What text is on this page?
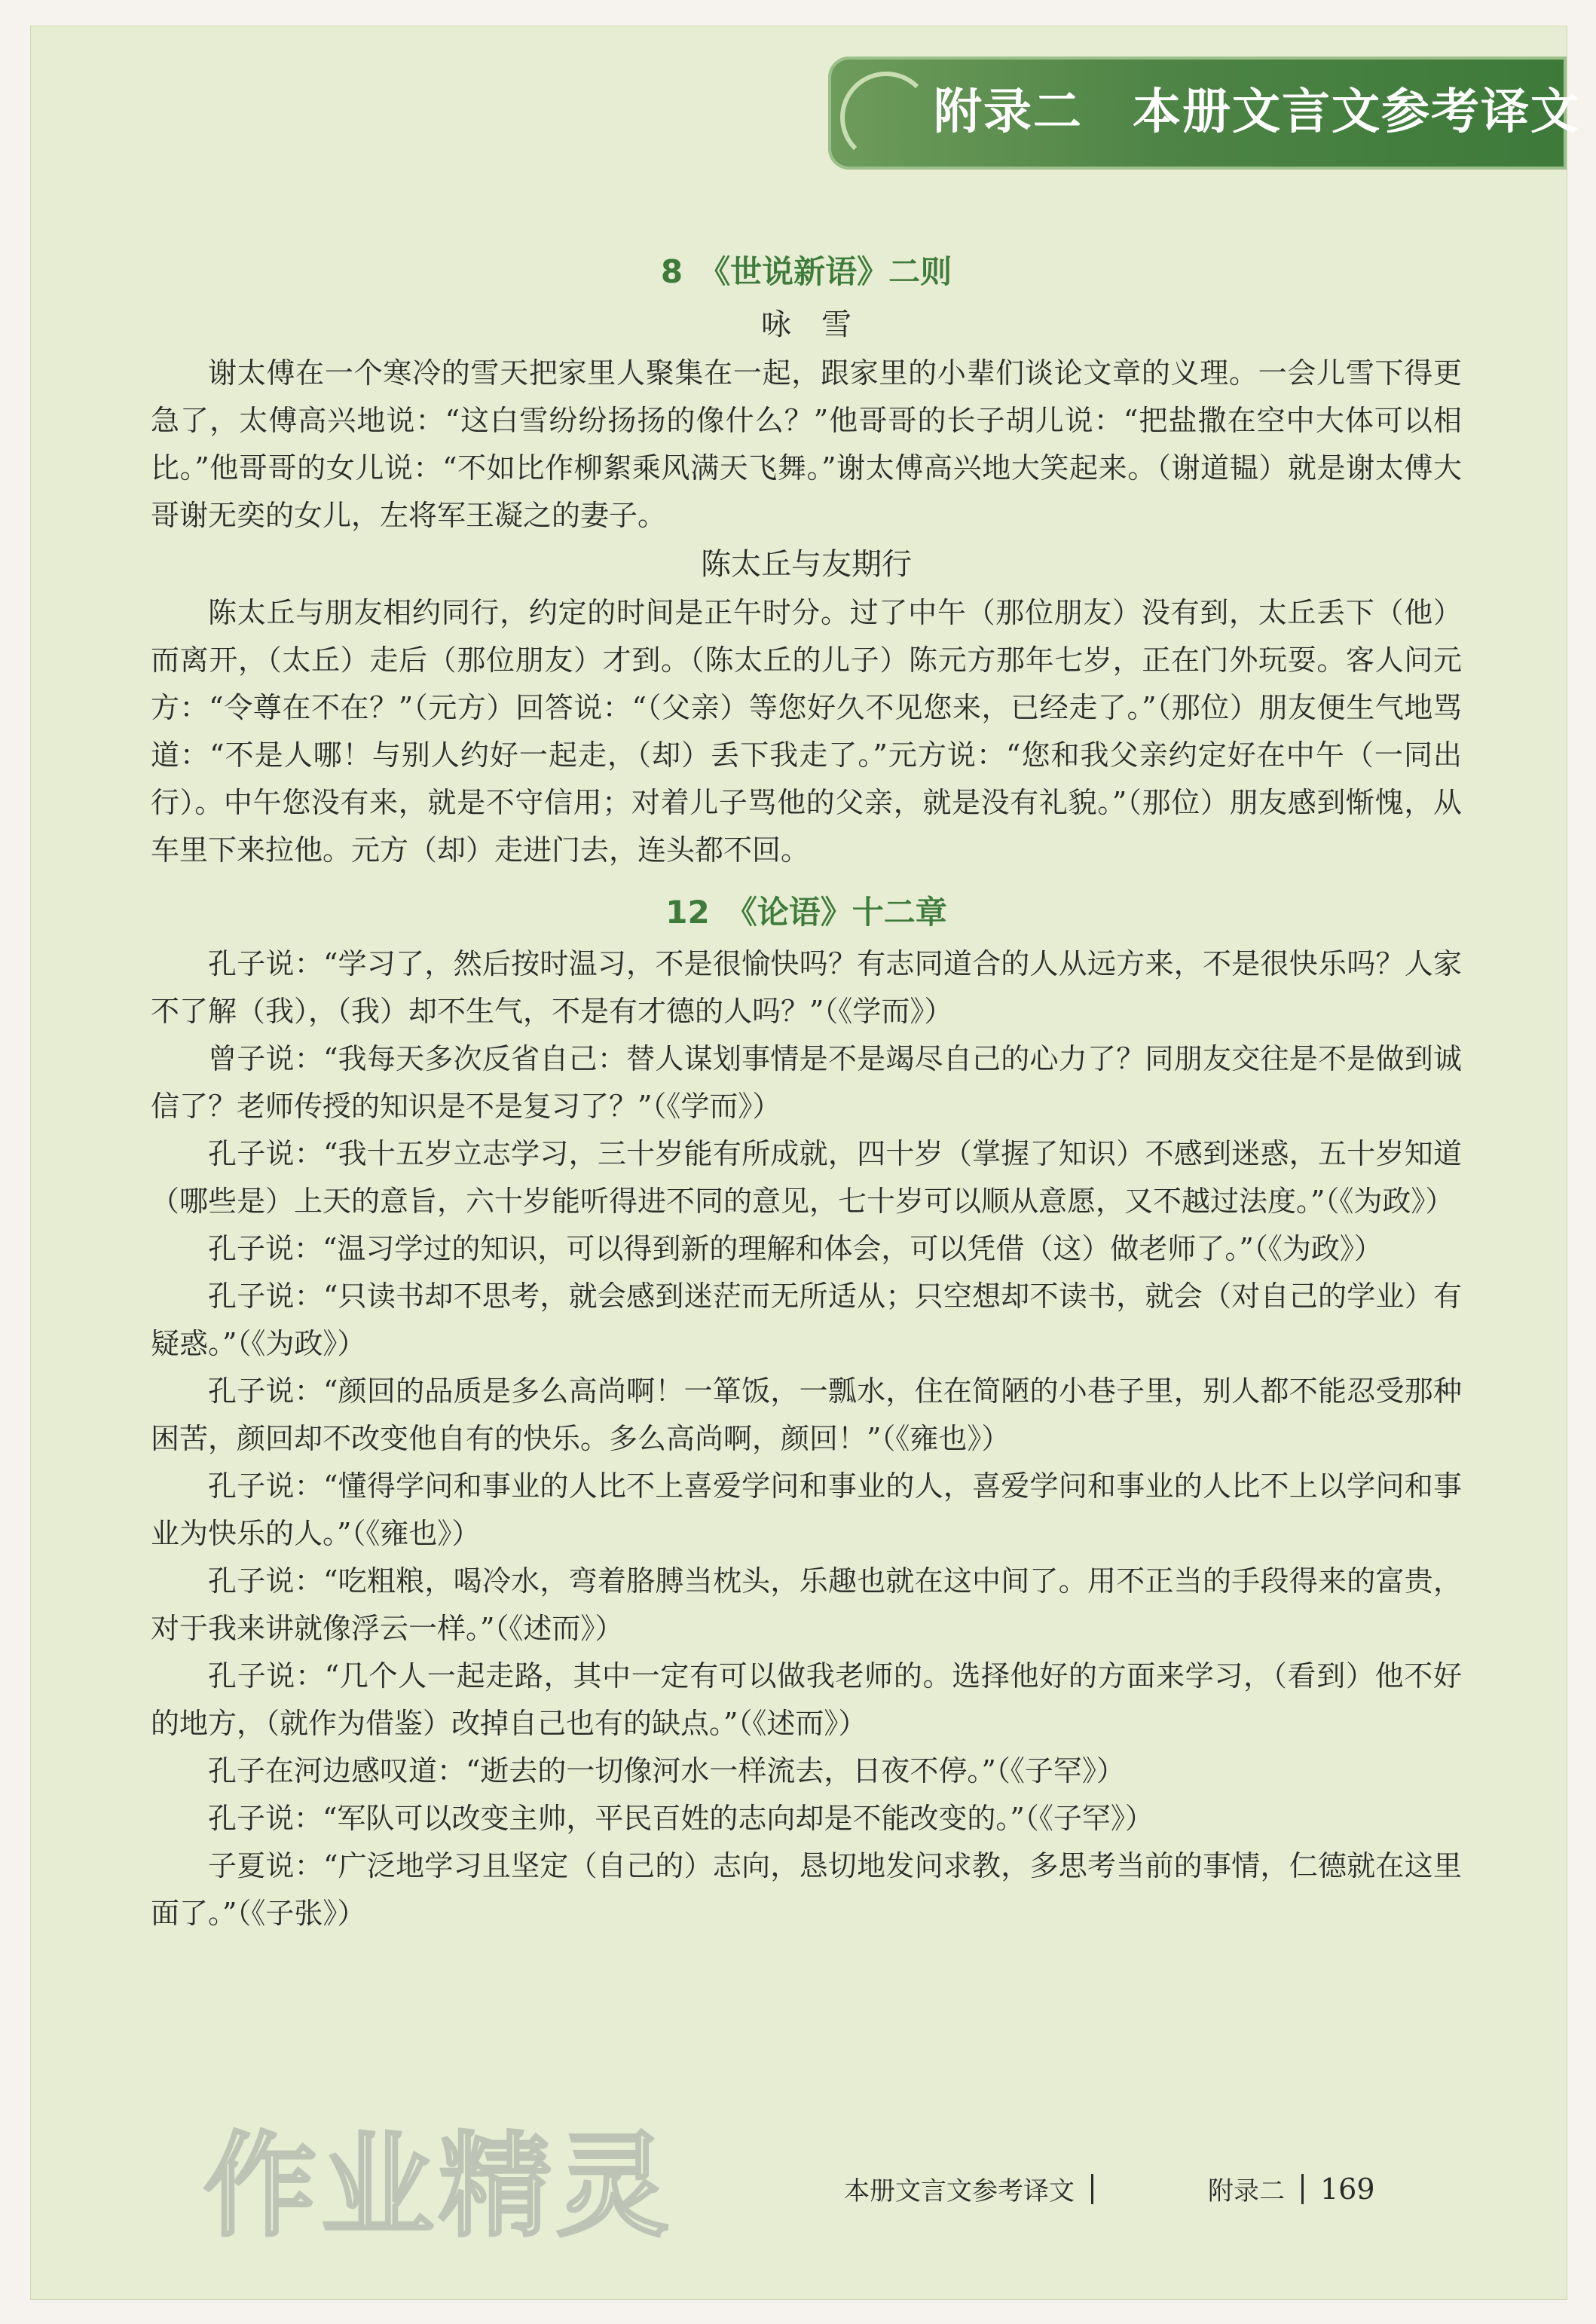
附录二　本册文言文参考译文
8　《世说新语》二则
咏　雪

谢太傅在一个寒冷的雪天把家里人聚集在一起，跟家里的小辈们谈论文章的义理。一会儿雪下得更急了，太傅高兴地说：“这白雪纷纷扬扬的像什么？”他哥哥的长子胡儿说：“把盐撒在空中大体可以相比。”他哥哥的女儿说：“不如比作柳絮乘风满天飞舞。”谢太傅高兴地大笑起来。（谢道韫）就是谢太傅大哥谢无奕的女儿，左将军王凝之的妻子。

陈太丘与友期行

陈太丘与朋友相约同行，约定的时间是正午时分。过了中午（那位朋友）没有到，太丘丢下（他）而离开，（太丘）走后（那位朋友）才到。（陈太丘的儿子）陈元方那年七岁，正在门外玩耍。客人问元方：“令尊在不在？”（元方）回答说：“（父亲）等您好久不见您来，已经走了。”（那位）朋友便生气地骂道：“不是人哪！与别人约好一起走，（却）丢下我走了。”元方说：“您和我父亲约定好在中午（一同出行）。中午您没有来，就是不守信用；对着儿子骂他的父亲，就是没有礼貌。”（那位）朋友感到惭愧，从车里下来拉他。元方（却）走进门去，连头都不回。

12　《论语》十二章

孔子说：“学习了，然后按时温习，不是很愉快吗？有志同道合的人从远方来，不是很快乐吗？人家不了解（我），（我）却不生气，不是有才德的人吗？”（《学而》）

曾子说：“我每天多次反省自己：替人谋划事情是不是竭尽自己的心力了？同朋友交往是不是做到诚信了？老师传授的知识是不是复习了？”（《学而》）

孔子说：“我十五岁立志学习，三十岁能有所成就，四十岁（掌握了知识）不感到迷惑，五十岁知道（哪些是）上天的意旨，六十岁能听得进不同的意见，七十岁可以顺从意愿，又不越过法度。”（《为政》）

孔子说：“温习学过的知识，可以得到新的理解和体会，可以凭借（这）做老师了。”（《为政》）

孔子说：“只读书却不思考，就会感到迷茫而无所适从；只空想却不读书，就会（对自己的学业）有疑惑。”（《为政》）

孔子说：“颜回的品质是多么高尚啊！一箪饭，一瓢水，住在简陋的小巷子里，别人都不能忍受那种困苦，颜回却不改变他自有的快乐。多么高尚啊，颜回！”（《雍也》）

孔子说：“懂得学问和事业的人比不上喜爱学问和事业的人，喜爱学问和事业的人比不上以学问和事业为快乐的人。”（《雍也》）

孔子说：“吃粗粮，喝冷水，弯着胳膊当枕头，乐趣也就在这中间了。用不正当的手段得来的富贵，对于我来讲就像浮云一样。”（《述而》）

孔子说：“几个人一起走路，其中一定有可以做我老师的。选择他好的方面来学习，（看到）他不好的地方，（就作为借鉴）改掉自己也有的缺点。”（《述而》）

孔子在河边感叹道：“逝去的一切像河水一样流去，日夜不停。”（《子罕》）

孔子说：“军队可以改变主帅，平民百姓的志向却是不能改变的。”（《子罕》）

子夏说：“广泛地学习且坚定（自己的）志向，恳切地发问求教，多思考当前的事情，仁德就在这里面了。”（《子张》）

作业精灵	本册文言文参考译文	附录二 169
